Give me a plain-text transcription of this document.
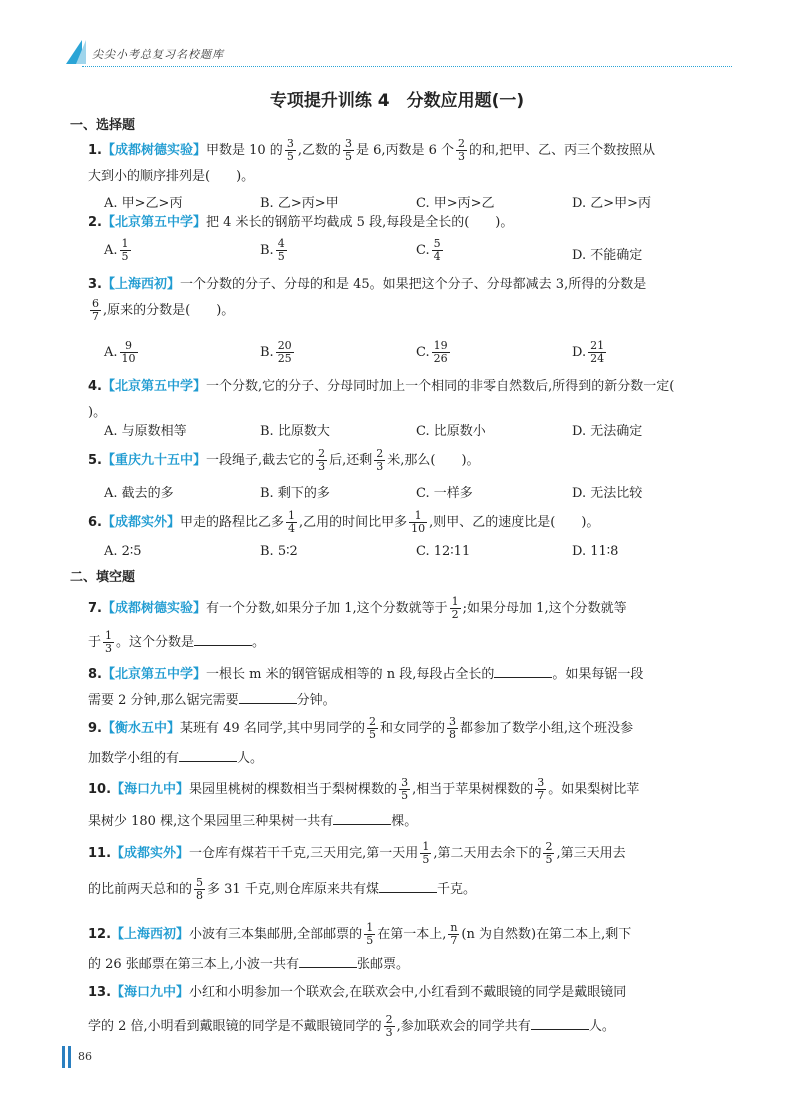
尖尖小考总复习名校题库
专项提升训练 4　分数应用题(一)
一、选择题
1.【成都树德实验】甲数是 10 的 $\frac{3}{5}$ ,乙数的 $\frac{3}{5}$ 是 6,丙数是 6 个 $\frac{2}{3}$ 的和,把甲、乙、丙三个数按照从
大到小的顺序排列是(　　)。
A. 甲>乙>丙	B. 乙>丙>甲	C. 甲>丙>乙	D. 乙>甲>丙
2.【北京第五中学】把 4 米长的钢筋平均截成 5 段,每段是全长的(　　)。
A. $\frac{1}{5}$	B. $\frac{4}{5}$	C. $\frac{5}{4}$	D. 不能确定
3.【上海西初】一个分数的分子、分母的和是 45。如果把这个分子、分母都减去 3,所得的分数是

$\frac{6}{7}$ ,原来的分数是(　　)。
A. $\frac{9}{10}$	B. $\frac{20}{25}$	C. $\frac{19}{26}$	D. $\frac{21}{24}$
4.【北京第五中学】一个分数,它的分子、分母同时加上一个相同的非零自然数后,所得到的新分数一定(
)。
A. 与原数相等	B. 比原数大	C. 比原数小	D. 无法确定
5.【重庆九十五中】一段绳子,截去它的 $\frac{2}{3}$ 后,还剩 $\frac{2}{3}$ 米,那么(　　)。
A. 截去的多	B. 剩下的多	C. 一样多	D. 无法比较
6.【成都实外】甲走的路程比乙多 $\frac{1}{4}$ ,乙用的时间比甲多 $\frac{1}{10}$ ,则甲、乙的速度比是(　　)。
A. 2∶5	B. 5∶2	C. 12∶11	D. 11∶8
二、填空题
7.【成都树德实验】有一个分数,如果分子加 1,这个分数就等于 $\frac{1}{2}$ ;如果分母加 1,这个分数就等
于 $\frac{1}{3}$ 。这个分数是	。
8.【北京第五中学】一根长 m 米的钢管锯成相等的 n 段,每段占全长的	。如果每锯一段
需要 2 分钟,那么锯完需要	分钟。
9.【衡水五中】某班有 49 名同学,其中男同学的 $\frac{2}{5}$ 和女同学的 $\frac{3}{8}$ 都参加了数学小组,这个班没参
加数学小组的有	人。
10.【海口九中】果园里桃树的棵数相当于梨树棵数的 $\frac{3}{5}$ ,相当于苹果树棵数的 $\frac{3}{7}$ 。如果梨树比苹
果树少 180 棵,这个果园里三种果树一共有	棵。
11.【成都实外】一仓库有煤若干千克,三天用完,第一天用 $\frac{1}{5}$ ,第二天用去余下的 $\frac{2}{5}$ ,第三天用去
的比前两天总和的 $\frac{5}{8}$ 多 31 千克,则仓库原来共有煤	千克。
12.【上海西初】小波有三本集邮册,全部邮票的 $\frac{1}{5}$ 在第一本上, $\frac{n}{7} (n$ 为自然数)在第二本上,剩下
的 26 张邮票在第三本上,小波一共有	张邮票。
13.【海口九中】小红和小明参加一个联欢会,在联欢会中,小红看到不戴眼镜的同学是戴眼镜同
学的 2 倍,小明看到戴眼镜的同学是不戴眼镜同学的 $\frac{2}{3}$ ,参加联欢会的同学共有	人。
86
